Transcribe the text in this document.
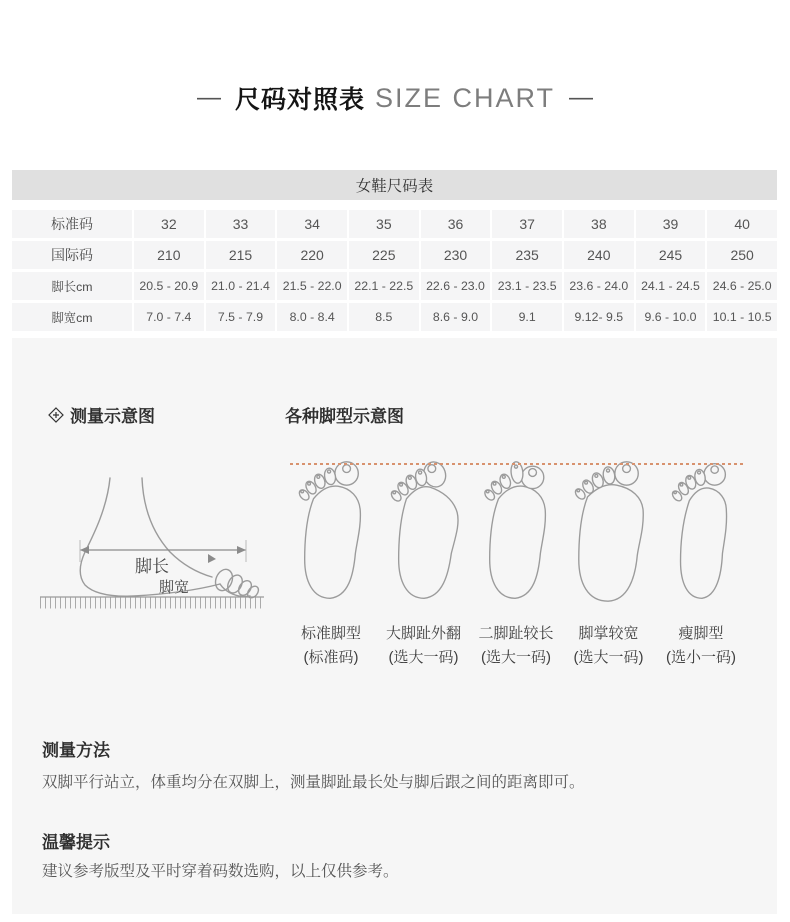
— 尺码对照表 SIZE CHART —
女鞋尺码表
标准码	32	33	34	35	36	37	38	39	40
国际码	210	215	220	225	230	235	240	245	250
脚长cm	20.5 - 20.9	21.0 - 21.4	21.5 - 22.0	22.1 - 22.5	22.6 - 23.0	23.1 - 23.5	23.6 - 24.0	24.1 - 24.5	24.6 - 25.0
脚宽cm	7.0 - 7.4	7.5 - 7.9	8.0 - 8.4	8.5	8.6 - 9.0	9.1	9.12- 9.5	9.6 - 10.0	10.1 - 10.5
测量示意图	各种脚型示意图
脚长
脚宽
标准脚型
(标准码)
大脚趾外翻
(选大一码)
二脚趾较长
(选大一码)
脚掌较宽
(选大一码)
瘦脚型
(选小一码)
测量方法
双脚平行站立，体重均分在双脚上，测量脚趾最长处与脚后跟之间的距离即可。
温馨提示
建议参考版型及平时穿着码数选购，以上仅供参考。
